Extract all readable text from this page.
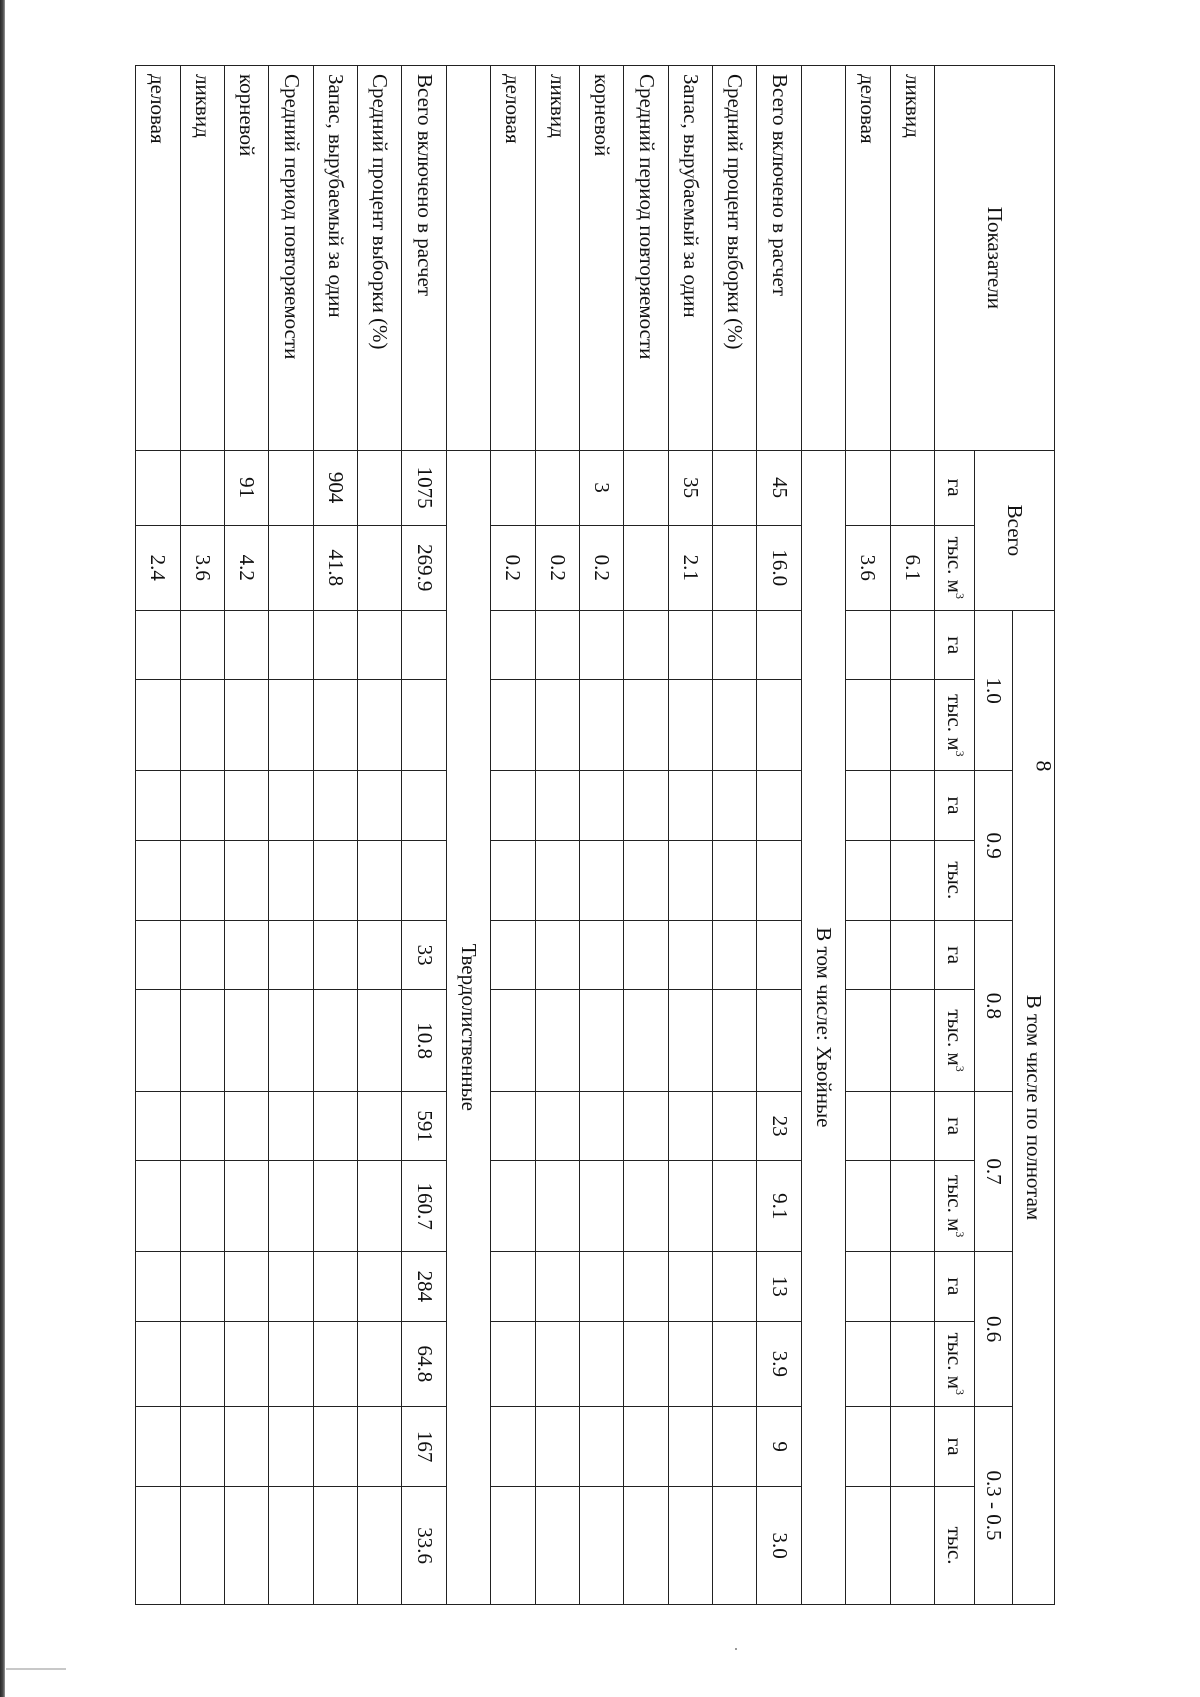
Показатели	Всего		В том числе по полнотам											
			1.0		0.9		0.8		0.7		0.6		0.3 - 0.5	
	га	тыс. $м^3$	га	тыс. $м^3$	га	тыс.	га	тыс. $м^3$	га	тыс. $м^3$	га	тыс. $м^3$	га	тыс.
ликвид		6.1												
деловая		3.6												
	В том числе: Хвойные													
Всего включено в расчет	45	16.0							23	9.1	13	3.9	9	3.0
Средний процент выборки (%)														
Запас, вырубаемый за один	35	2.1												
Средний период повторяемости														
корневой	3	0.2												
ликвид		0.2												
деловая		0.2												
	Твердолиственные													
Всего включено в расчет	1075	269.9					33	10.8	591	160.7	284	64.8	167	33.6
Средний процент выборки (%)														
Запас, вырубаемый за один	904	41.8												
Средний период повторяемости														
корневой	91	4.2												
ликвид		3.6												
деловая		2.4												
8
